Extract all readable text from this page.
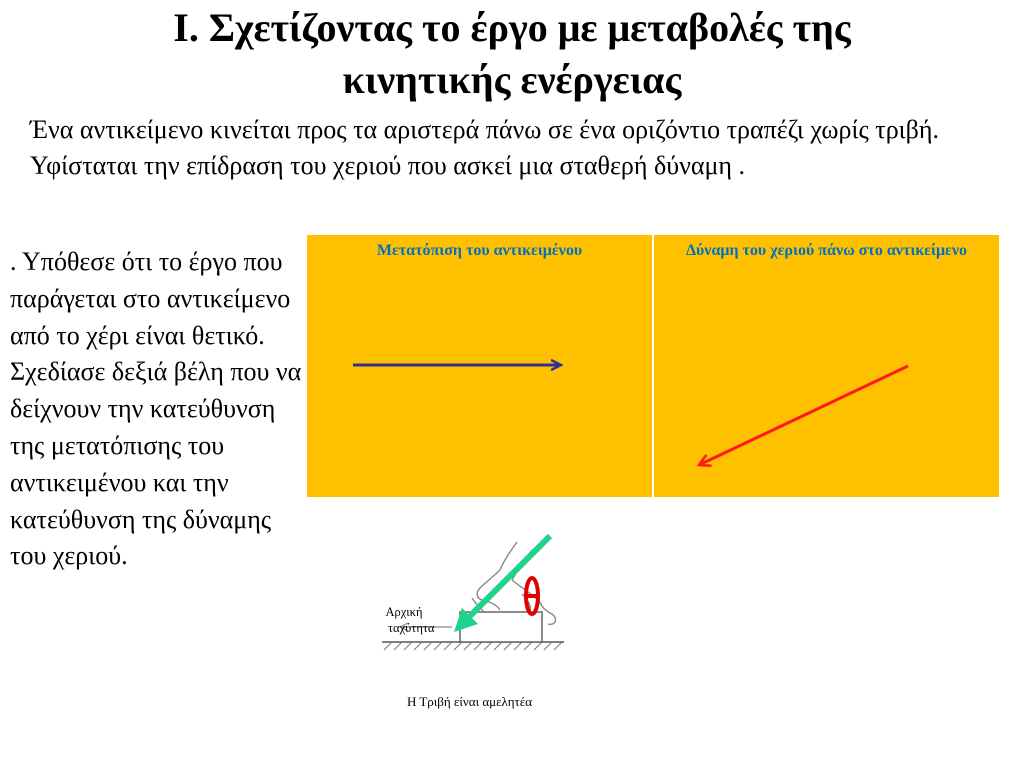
I. Σχετίζοντας το έργο με μεταβολές της
κινητικής ενέργειας

Ένα αντικείμενο κινείται προς τα αριστερά πάνω σε ένα οριζόντιο τραπέζι χωρίς τριβή. Υφίσταται την επίδραση του χεριού που ασκεί μια σταθερή δύναμη .

. Υπόθεσε ότι το έργο που παράγεται στο αντικείμενο από το χέρι είναι θετικό. Σχεδίασε δεξιά βέλη που να δείχνουν την κατεύθυνση της μετατόπισης του αντικειμένου και την κατεύθυνση της δύναμης του χεριού.

Μετατόπιση του αντικειμένου	Δύναμη του χεριού πάνω στο αντικείμενο
Αρχική
ταχύτητα
Η Τριβή είναι αμελητέα
